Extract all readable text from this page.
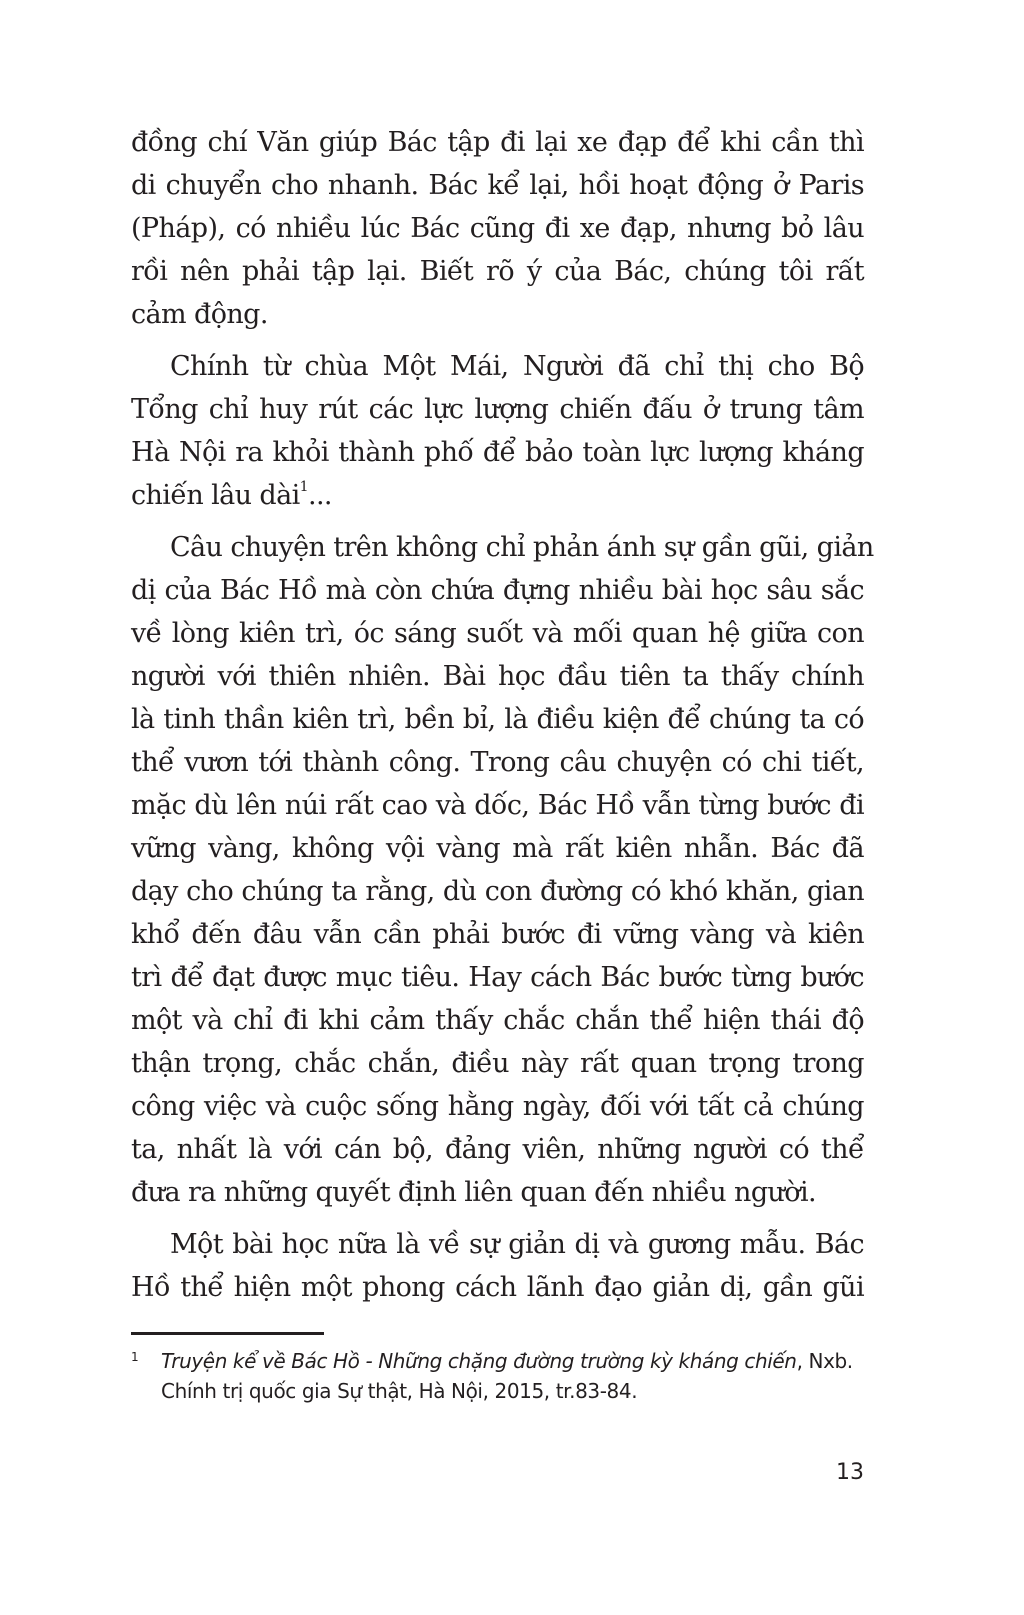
đồng chí Văn giúp Bác tập đi lại xe đạp để khi cần thì
di chuyển cho nhanh. Bác kể lại, hồi hoạt động ở Paris
(Pháp), có nhiều lúc Bác cũng đi xe đạp, nhưng bỏ lâu
rồi nên phải tập lại. Biết rõ ý của Bác, chúng tôi rất
cảm động.
Chính từ chùa Một Mái, Người đã chỉ thị cho Bộ
Tổng chỉ huy rút các lực lượng chiến đấu ở trung tâm
Hà Nội ra khỏi thành phố để bảo toàn lực lượng kháng
chiến lâu dài$^1$...
Câu chuyện trên không chỉ phản ánh sự gần gũi, giản
dị của Bác Hồ mà còn chứa đựng nhiều bài học sâu sắc
về lòng kiên trì, óc sáng suốt và mối quan hệ giữa con
người với thiên nhiên. Bài học đầu tiên ta thấy chính
là tinh thần kiên trì, bền bỉ, là điều kiện để chúng ta có
thể vươn tới thành công. Trong câu chuyện có chi tiết,
mặc dù lên núi rất cao và dốc, Bác Hồ vẫn từng bước đi
vững vàng, không vội vàng mà rất kiên nhẫn. Bác đã
dạy cho chúng ta rằng, dù con đường có khó khăn, gian
khổ đến đâu vẫn cần phải bước đi vững vàng và kiên
trì để đạt được mục tiêu. Hay cách Bác bước từng bước
một và chỉ đi khi cảm thấy chắc chắn thể hiện thái độ
thận trọng, chắc chắn, điều này rất quan trọng trong
công việc và cuộc sống hằng ngày, đối với tất cả chúng
ta, nhất là với cán bộ, đảng viên, những người có thể
đưa ra những quyết định liên quan đến nhiều người.
Một bài học nữa là về sự giản dị và gương mẫu. Bác
Hồ thể hiện một phong cách lãnh đạo giản dị, gần gũi
1 Truyện kể về Bác Hồ - Những chặng đường trường kỳ kháng chiến, Nxb. Chính trị quốc gia Sự thật, Hà Nội, 2015, tr.83-84.
13
